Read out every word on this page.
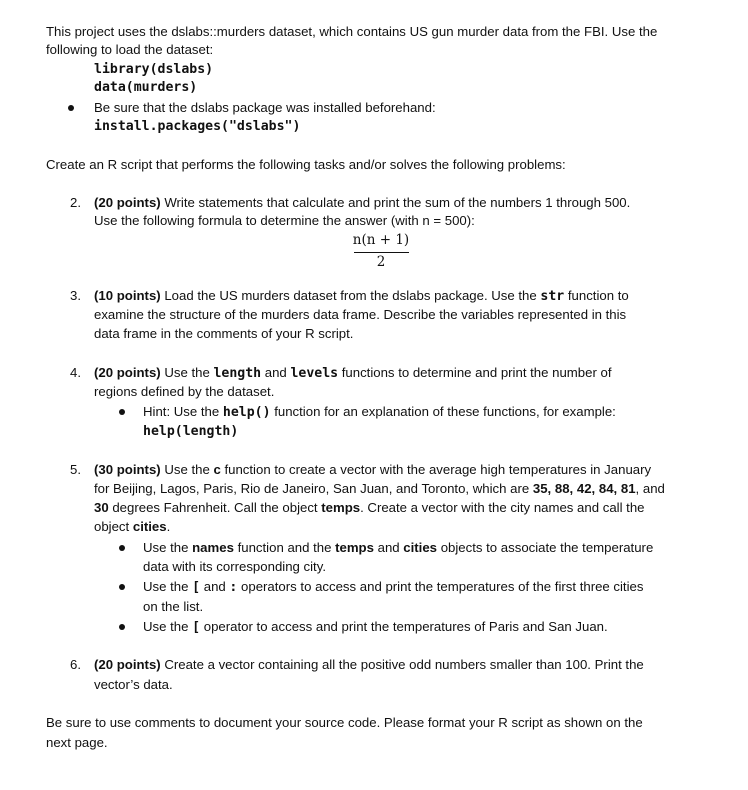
This project uses the dslabs::murders dataset, which contains US gun murder data from the FBI. Use the
following to load the dataset:
library(dslabs)
data(murders)
Be sure that the dslabs package was installed beforehand:
install.packages("dslabs")
Create an R script that performs the following tasks and/or solves the following problems:
2. (20 points) Write statements that calculate and print the sum of the numbers 1 through 500.
Use the following formula to determine the answer (with n = 500):
n(n + 1)
2
3. (10 points) Load the US murders dataset from the dslabs package. Use the str function to
examine the structure of the murders data frame. Describe the variables represented in this
data frame in the comments of your R script.
4. (20 points) Use the length and levels functions to determine and print the number of
regions defined by the dataset.
Hint: Use the help() function for an explanation of these functions, for example:
help(length)
5. (30 points) Use the c function to create a vector with the average high temperatures in January
for Beijing, Lagos, Paris, Rio de Janeiro, San Juan, and Toronto, which are 35, 88, 42, 84, 81, and
30 degrees Fahrenheit. Call the object temps. Create a vector with the city names and call the
object cities.
Use the names function and the temps and cities objects to associate the temperature
data with its corresponding city.
Use the [ and : operators to access and print the temperatures of the first three cities
on the list.
Use the [ operator to access and print the temperatures of Paris and San Juan.
6. (20 points) Create a vector containing all the positive odd numbers smaller than 100. Print the
vector’s data.
Be sure to use comments to document your source code. Please format your R script as shown on the
next page.
